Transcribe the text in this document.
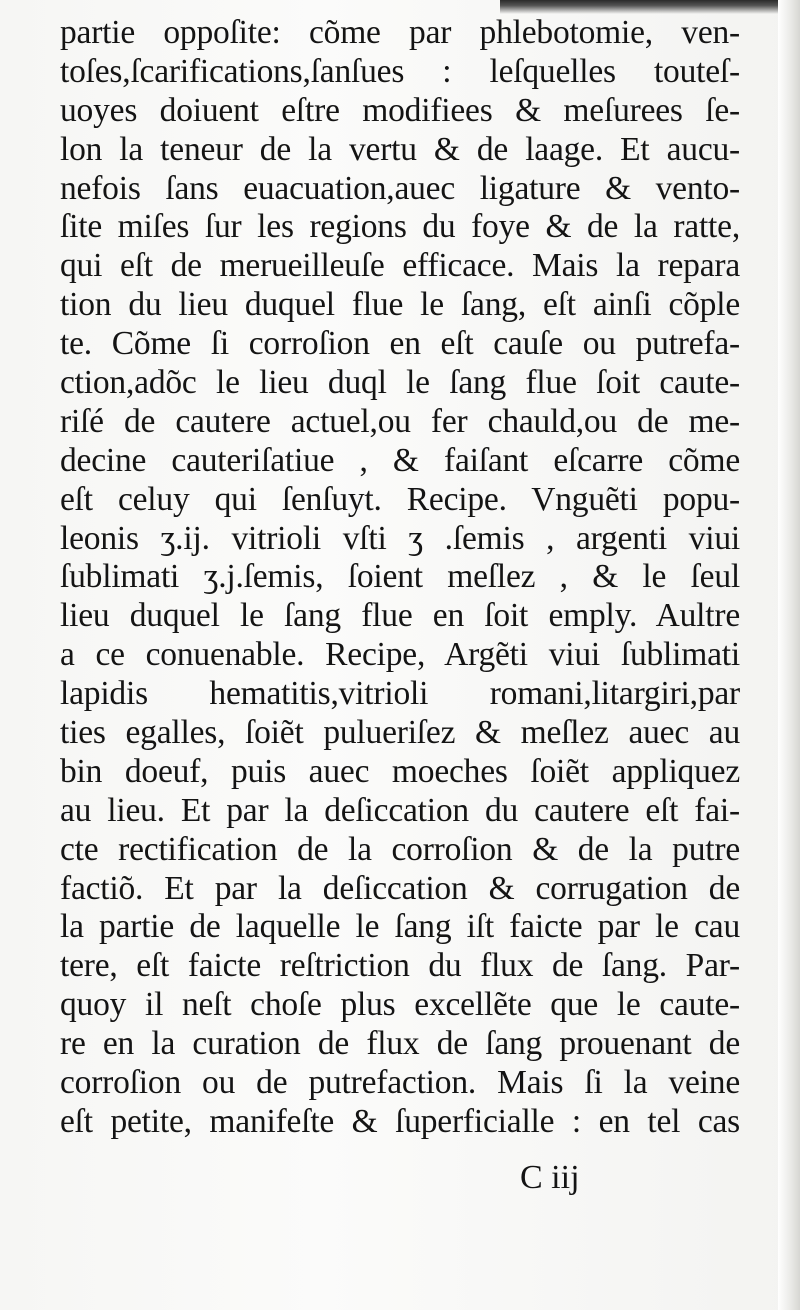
partie oppoſite: cõme par phlebotomie, ven-
toſes,ſcarifications,ſanſues : leſquelles touteſ-
uoyes doiuent eſtre modifiees & meſurees ſe-
lon la teneur de la vertu & de laage. Et aucu-
nefois ſans euacuation,auec ligature & vento-
ſite miſes ſur les regions du foye & de la ratte,
qui eſt de merueilleuſe efficace. Mais la repara
tion du lieu duquel flue le ſang, eſt ainſi cõple
te. Cõme ſi corroſion en eſt cauſe ou putrefa-
ction,adõc le lieu duql le ſang flue ſoit caute-
riſé de cautere actuel,ou fer chauld,ou de me-
decine cauteriſatiue , & faiſant eſcarre cõme
eſt celuy qui ſenſuyt. Recipe. Vnguẽti popu-
leonis ʒ.ij. vitrioli vſti ʒ .ſemis , argenti viui
ſublimati ʒ.j.ſemis, ſoient meſlez , & le ſeul
lieu duquel le ſang flue en ſoit emply. Aultre
a ce conuenable. Recipe, Argẽti viui ſublimati
lapidis hematitis,vitrioli romani,litargiri,par
ties egalles, ſoiẽt pulueriſez & meſlez auec au
bin doeuf, puis auec moeches ſoiẽt appliquez
au lieu. Et par la deſiccation du cautere eſt fai-
cte rectification de la corroſion & de la putre
factiõ. Et par la deſiccation & corrugation de
la partie de laquelle le ſang iſt faicte par le cau
tere, eſt faicte reſtriction du flux de ſang. Par-
quoy il neſt choſe plus excellẽte que le caute-
re en la curation de flux de ſang prouenant de
corroſion ou de putrefaction. Mais ſi la veine
eſt petite, manifeſte & ſuperficialle : en tel cas
C iij
